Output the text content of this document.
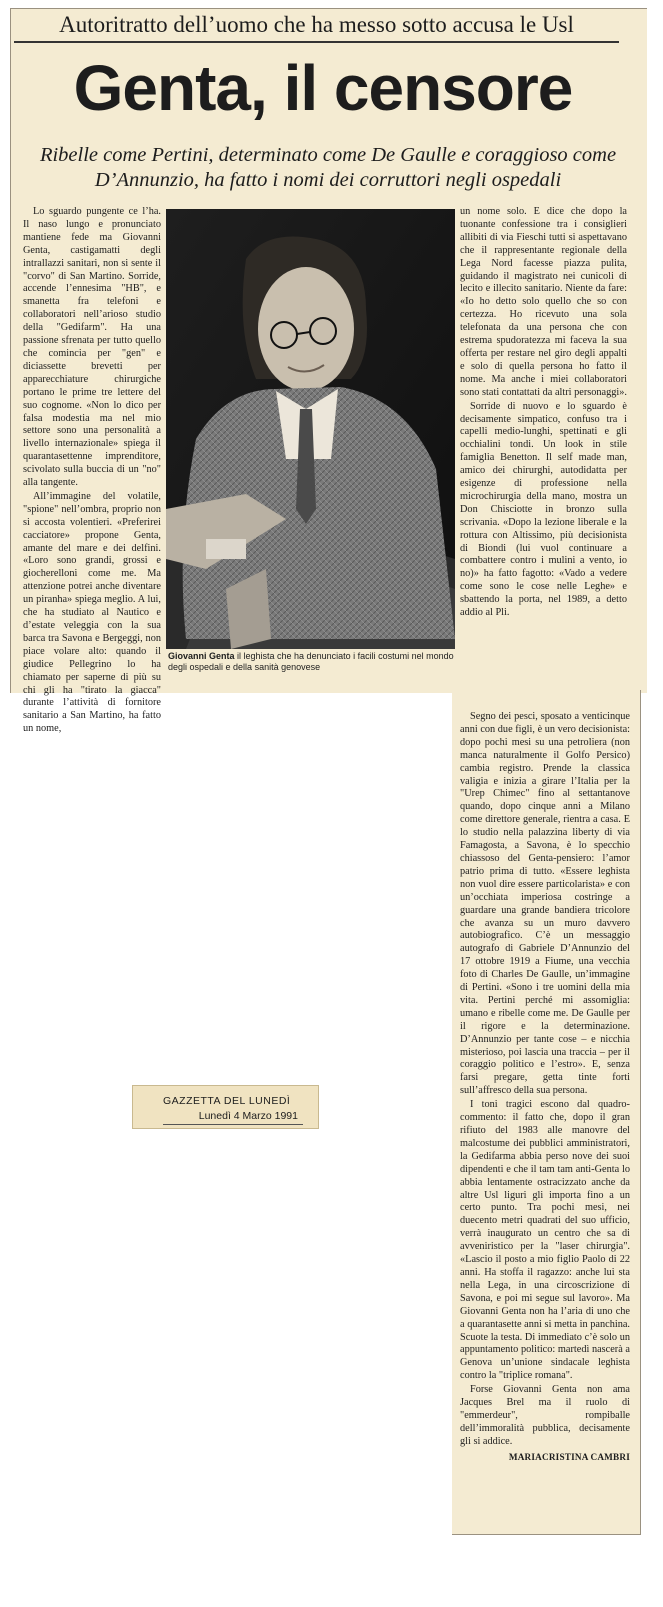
Autoritratto dell’uomo che ha messo sotto accusa le Usl
Genta, il censore
Ribelle come Pertini, determinato come De Gaulle e coraggioso come D’Annunzio, ha fatto i nomi dei corruttori negli ospedali

Lo sguardo pungente ce l’ha. Il naso lungo e pronunciato mantiene fede ma Giovanni Genta, castigamatti degli intrallazzi sanitari, non si sente il "corvo" di San Martino. Sorride, accende l’ennesima "HB", e smanetta fra telefoni e collaboratori nell’arioso studio della "Gedifarm". Ha una passione sfrenata per tutto quello che comincia per "gen" e diciassette brevetti per apparecchiature chirurgiche portano le prime tre lettere del suo cognome. «Non lo dico per falsa modestia ma nel mio settore sono una personalità a livello internazionale» spiega il quarantasettenne imprenditore, scivolato sulla buccia di un "no" alla tangente.

All’immagine del volatile, "spione" nell’ombra, proprio non si accosta volentieri. «Preferirei cacciatore» propone Genta, amante del mare e dei delfini. «Loro sono grandi, grossi e giocherelloni come me. Ma attenzione potrei anche diventare un piranha» spiega meglio. A lui, che ha studiato al Nautico e d’estate veleggia con la sua barca tra Savona e Bergeggi, non piace volare alto: quando il giudice Pellegrino lo ha chiamato per saperne di più su chi gli ha "tirato la giacca" durante l’attività di fornitore sanitario a San Martino, ha fatto un nome,

Giovanni Genta il leghista che ha denunciato i facili costumi nel mondo degli ospedali e della sanità genovese

un nome solo. E dice che dopo la tuonante confessione tra i consiglieri allibiti di via Fieschi tutti si aspettavano che il rappresentante regionale della Lega Nord facesse piazza pulita, guidando il magistrato nei cunicoli di lecito e illecito sanitario. Niente da fare: «Io ho detto solo quello che so con certezza. Ho ricevuto una sola telefonata da una persona che con estrema spudoratezza mi faceva la sua offerta per restare nel giro degli appalti e solo di quella persona ho fatto il nome. Ma anche i miei collaboratori sono stati contattati da altri personaggi».

Sorride di nuovo e lo sguardo è decisamente simpatico, confuso tra i capelli medio-lunghi, spettinati e gli occhialini tondi. Un look in stile famiglia Benetton. Il self made man, amico dei chirurghi, autodidatta per esigenze di professione nella microchirurgia della mano, mostra un Don Chisciotte in bronzo sulla scrivania. «Dopo la lezione liberale e la rottura con Altissimo, più decisionista di Biondi (lui vuol continuare a combattere contro i mulini a vento, io no)» ha fatto fagotto: «Vado a vedere come sono le cose nelle Leghe» e sbattendo la porta, nel 1989, a detto addio al Pli.

Segno dei pesci, sposato a venticinque anni con due figli, è un vero decisionista: dopo pochi mesi su una petroliera (non manca naturalmente il Golfo Persico) cambia registro. Prende la classica valigia e inizia a girare l’Italia per la "Urep Chimec" fino al settantanove quando, dopo cinque anni a Milano come direttore generale, rientra a casa. E lo studio nella palazzina liberty di via Famagosta, a Savona, è lo specchio chiassoso del Genta-pensiero: l’amor patrio prima di tutto. «Essere leghista non vuol dire essere particolarista» e con un’occhiata imperiosa costringe a guardare una grande bandiera tricolore che avanza su un muro davvero autobiografico. C’è un messaggio autografo di Gabriele D’Annunzio del 17 ottobre 1919 a Fiume, una vecchia foto di Charles De Gaulle, un’immagine di Pertini. «Sono i tre uomini della mia vita. Pertini perché mi assomiglia: umano e ribelle come me. De Gaulle per il rigore e la determinazione. D’Annunzio per tante cose – e nicchia misterioso, poi lascia una traccia – per il coraggio politico e l’estro». E, senza farsi pregare, getta tinte forti sull’affresco della sua persona.

I toni tragici escono dal quadro-commento: il fatto che, dopo il gran rifiuto del 1983 alle manovre del malcostume dei pubblici amministratori, la Gedifarma abbia perso nove dei suoi dipendenti e che il tam tam anti-Genta lo abbia lentamente ostracizzato anche da altre Usl liguri gli importa fino a un certo punto. Tra pochi mesi, nei duecento metri quadrati del suo ufficio, verrà inaugurato un centro che sa di avveniristico per la "laser chirurgia". «Lascio il posto a mio figlio Paolo di 22 anni. Ha stoffa il ragazzo: anche lui sta nella Lega, in una circoscrizione di Savona, e poi mi segue sul lavoro». Ma Giovanni Genta non ha l’aria di uno che a quarantasette anni si metta in panchina. Scuote la testa. Di immediato c’è solo un appuntamento politico: martedì nascerà a Genova un’unione sindacale leghista contro la "triplice romana".

Forse Giovanni Genta non ama Jacques Brel ma il ruolo di "emmerdeur", rompiballe dell’immoralità pubblica, decisamente gli si addice.

MARIACRISTINA CAMBRI
GAZZETTA DEL LUNEDÌ
Lunedì 4 Marzo 1991
